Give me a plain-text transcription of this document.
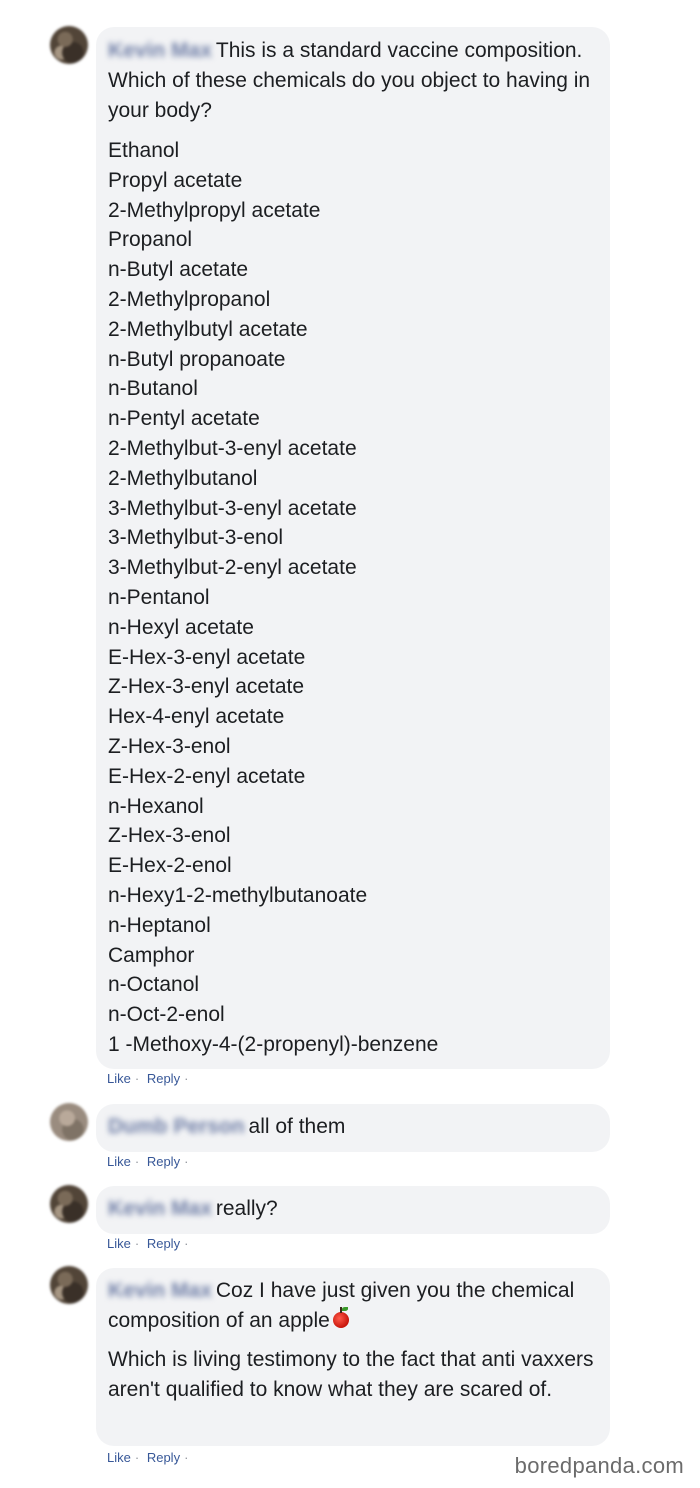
Kevin Max This is a standard vaccine composition. Which of these chemicals do you object to having in your body?

Ethanol
Propyl acetate
2-Methylpropyl acetate
Propanol
n-Butyl acetate
2-Methylpropanol
2-Methylbutyl acetate
n-Butyl propanoate
n-Butanol
n-Pentyl acetate
2-Methylbut-3-enyl acetate
2-Methylbutanol
3-Methylbut-3-enyl acetate
3-Methylbut-3-enol
3-Methylbut-2-enyl acetate
n-Pentanol
n-Hexyl acetate
E-Hex-3-enyl acetate
Z-Hex-3-enyl acetate
Hex-4-enyl acetate
Z-Hex-3-enol
E-Hex-2-enyl acetate
n-Hexanol
Z-Hex-3-enol
E-Hex-2-enol
n-Hexy1-2-methylbutanoate
n-Heptanol
Camphor
n-Octanol
n-Oct-2-enol
1 -Methoxy-4-(2-propenyl)-benzene
Like · Reply ·
Dumb Person all of them
Like · Reply ·
Kevin Max really?
Like · Reply ·

Kevin Max Coz I have just given you the chemical composition of an apple

Which is living testimony to the fact that anti vaxxers aren't qualified to know what they are scared of.

Like · Reply ·	boredpanda.com
